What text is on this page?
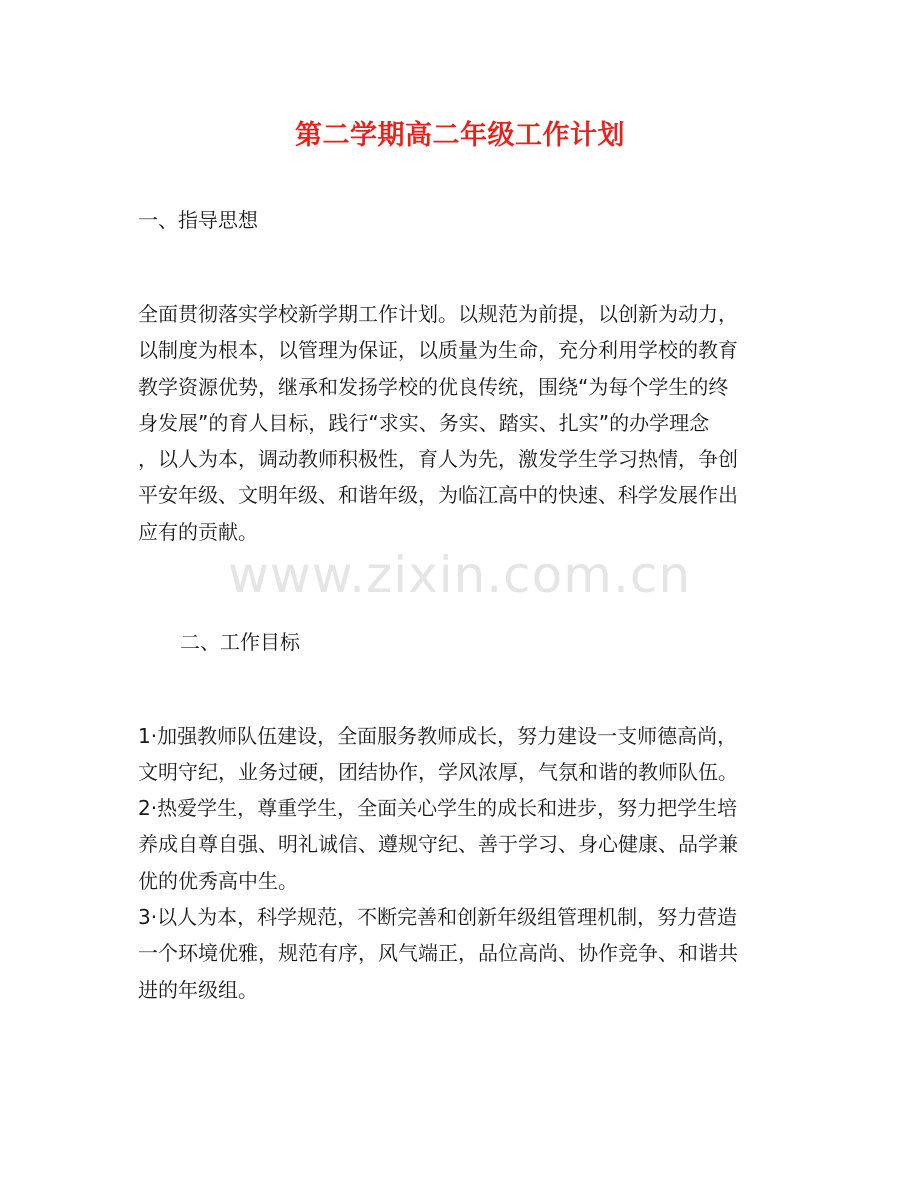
第二学期高二年级工作计划
一、指导思想
全面贯彻落实学校新学期工作计划。以规范为前提，以创新为动力，
以制度为根本，以管理为保证，以质量为生命，充分利用学校的教育
教学资源优势，继承和发扬学校的优良传统，围绕“为每个学生的终
身发展”的育人目标，践行“求实、务实、踏实、扎实”的办学理念
，以人为本，调动教师积极性，育人为先，激发学生学习热情，争创
平安年级、文明年级、和谐年级，为临江高中的快速、科学发展作出
应有的贡献。
二、工作目标
1·加强教师队伍建设，全面服务教师成长，努力建设一支师德高尚，
文明守纪，业务过硬，团结协作，学风浓厚，气氛和谐的教师队伍。
2·热爱学生，尊重学生，全面关心学生的成长和进步，努力把学生培
养成自尊自强、明礼诚信、遵规守纪、善于学习、身心健康、品学兼
优的优秀高中生。
3·以人为本，科学规范，不断完善和创新年级组管理机制，努力营造
一个环境优雅，规范有序，风气端正，品位高尚、协作竞争、和谐共
进的年级组。
www.zixin.com.cn
